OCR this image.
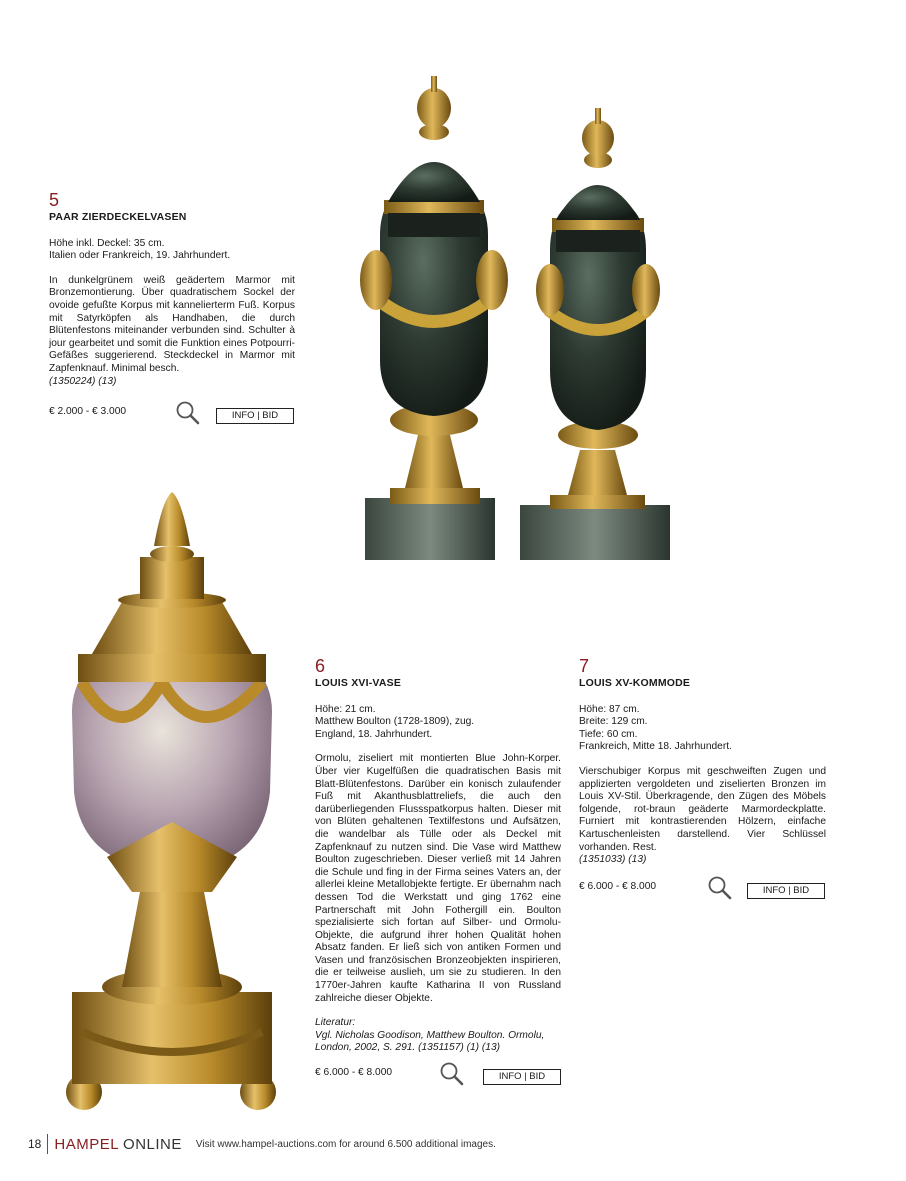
5
PAAR ZIERDECKELVASEN
Höhe inkl. Deckel: 35 cm.
Italien oder Frankreich, 19. Jahrhundert.
In dunkelgrünem weiß geädertem Marmor mit Bronzemontierung. Über quadratischem Sockel der ovoide gefußte Korpus mit kannelierterm Fuß. Korpus mit Satyrköpfen als Handhaben, die durch Blütenfestons miteinander verbunden sind. Schulter à jour gearbeitet und somit die Funktion eines Potpourri-Gefäßes suggerierend. Steckdeckel in Marmor mit Zapfenknauf. Minimal besch.
(1350224) (13)
€ 2.000 - € 3.000	INFO | BID
6
LOUIS XVI-VASE
Höhe: 21 cm.
Matthew Boulton (1728-1809), zug.
England, 18. Jahrhundert.
Ormolu, ziseliert mit montierten Blue John-Korper. Über vier Kugelfüßen die quadratischen Basis mit Blatt-Blütenfestons. Darüber ein konisch zulaufender Fuß mit Akanthusblattreliefs, die auch den darüberliegenden Flussspatkorpus halten. Dieser mit von Blüten gehaltenen Textilfestons und Aufsätzen, die wandelbar als Tülle oder als Deckel mit Zapfenknauf zu nutzen sind. Die Vase wird Matthew Boulton zugeschrieben. Dieser verließ mit 14 Jahren die Schule und fing in der Firma seines Vaters an, der allerlei kleine Metallobjekte fertigte. Er übernahm nach dessen Tod die Werkstatt und ging 1762 eine Partnerschaft mit John Fothergill ein. Boulton spezialisierte sich fortan auf Silber- und Ormolu-Objekte, die aufgrund ihrer hohen Qualität hohen Absatz fanden. Er ließ sich von antiken Formen und Vasen und französischen Bronzeobjekten inspirieren, die er teilweise auslieh, um sie zu studieren. In den 1770er-Jahren kaufte Katharina II von Russland zahlreiche dieser Objekte.
Literatur:
Vgl. Nicholas Goodison, Matthew Boulton. Ormolu, London, 2002, S. 291. (1351157) (1) (13)
€ 6.000 - € 8.000	INFO | BID
7
LOUIS XV-KOMMODE
Höhe: 87 cm.
Breite: 129 cm.
Tiefe: 60 cm.
Frankreich, Mitte 18. Jahrhundert.
Vierschubiger Korpus mit geschweiften Zugen und applizierten vergoldeten und ziselierten Bronzen im Louis XV-Stil. Überkragende, den Zügen des Möbels folgende, rot-braun geäderte Marmordeckplatte. Furniert mit kontrastierenden Hölzern, einfache Kartuschenleisten darstellend. Vier Schlüssel vorhanden. Rest.
(1351033) (13)
€ 6.000 - € 8.000	INFO | BID
18 HAMPEL ONLINE Visit www.hampel-auctions.com for around 6.500 additional images.
